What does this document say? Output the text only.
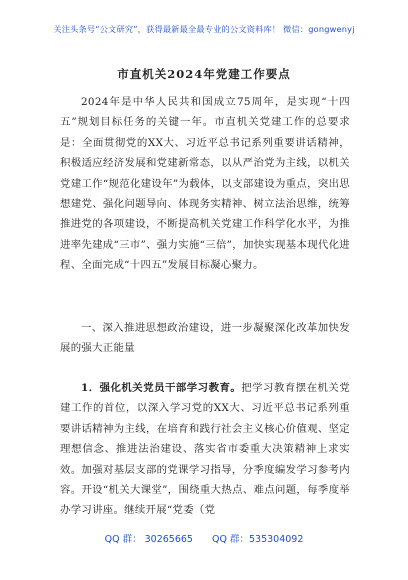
关注头条号“公文研究”，获得最新最全最专业的公文资料库！ 微信：gongwenyj
市直机关2024年党建工作要点

2024年是中华人民共和国成立75周年，是实现“十四五”规划目标任务的关键一年。市直机关党建工作的总要求是：全面贯彻党的XX大、习近平总书记系列重要讲话精神，积极适应经济发展和党建新常态，以从严治党为主线，以机关党建工作“规范化建设年”为载体，以支部建设为重点，突出思想建党、强化问题导向、体现务实精神、树立法治思维，统筹推进党的各项建设，不断提高机关党建工作科学化水平，为推进率先建成“三市”、强力实施“三倍”，加快实现基本现代化进程、全面完成“十四五”发展目标凝心聚力。

一、深入推进思想政治建设，进一步凝聚深化改革加快发展的强大正能量

1．强化机关党员干部学习教育。把学习教育摆在机关党建工作的首位，以深入学习党的XX大、习近平总书记系列重要讲话精神为主线，在培育和践行社会主义核心价值观、坚定理想信念、推进法治建设、落实省市委重大决策精神上求实效。加强对基层支部的党课学习指导，分季度编发学习参考内容。开设“机关大课堂”，围绕重大热点、难点问题，每季度举办学习讲座。继续开展“党委（党

QQ 群： 30265665 QQ 群：535304092
